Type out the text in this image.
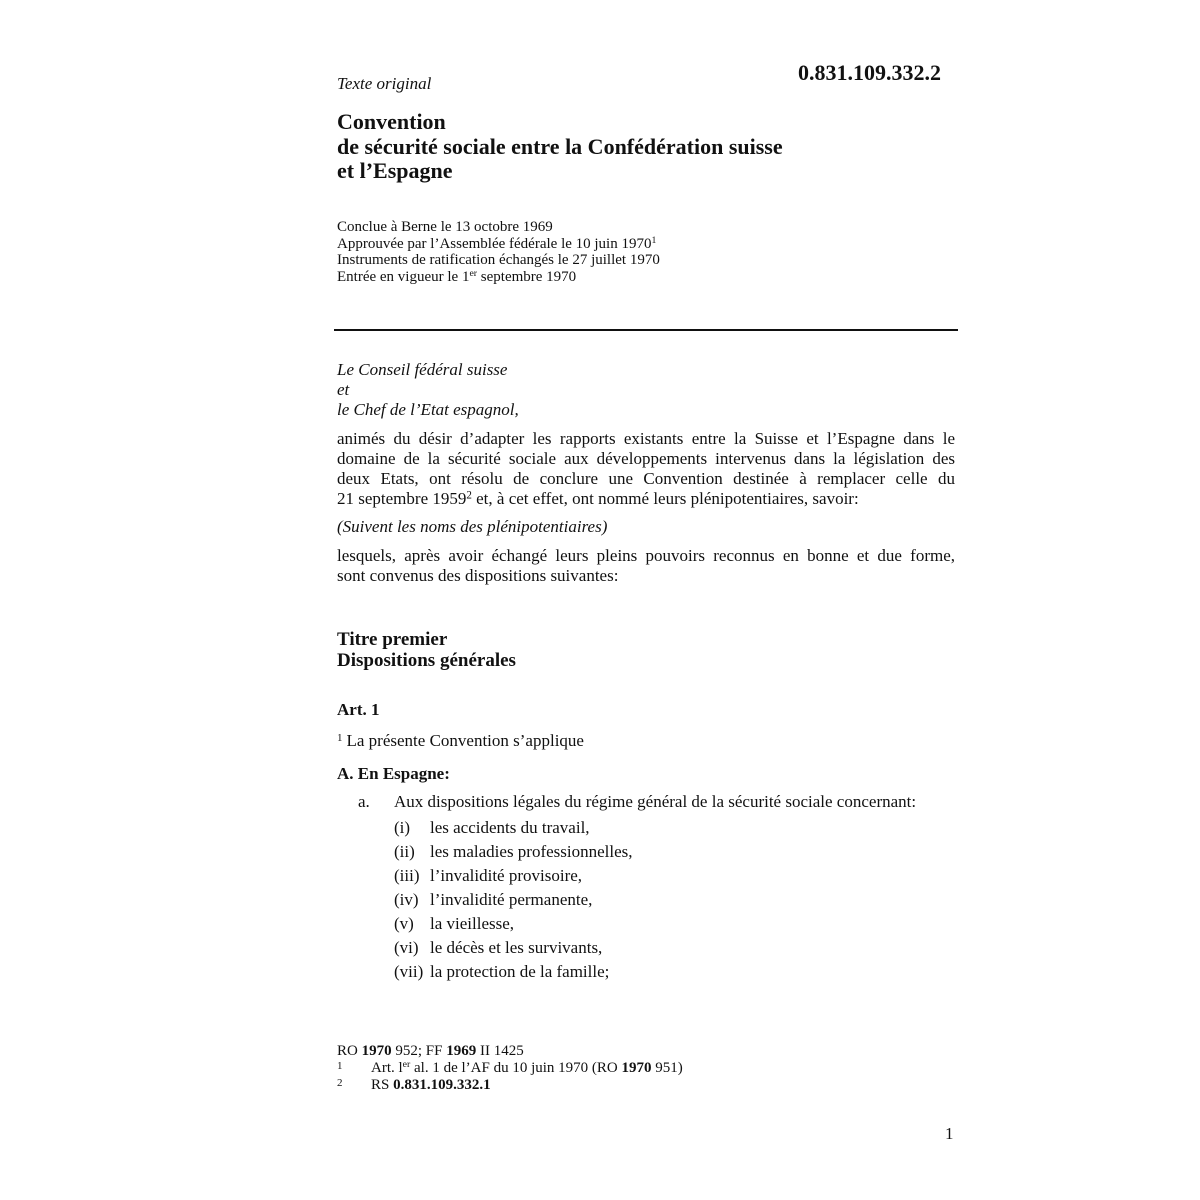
0.831.109.332.2
Texte original
Convention
de sécurité sociale entre la Confédération suisse
et l’Espagne
Conclue à Berne le 13 octobre 1969
Approuvée par l’Assemblée fédérale le 10 juin 1970$^1$
Instruments de ratification échangés le 27 juillet 1970
Entrée en vigueur le 1er septembre 1970
Le Conseil fédéral suisse
et
le Chef de l’Etat espagnol,
animés du désir d’adapter les rapports existants entre la Suisse et l’Espagne dans le
domaine de la sécurité sociale aux développements intervenus dans la législation des
deux Etats, ont résolu de conclure une Convention destinée à remplacer celle du
21 septembre 1959$^2$ et, à cet effet, ont nommé leurs plénipotentiaires, savoir:
(Suivent les noms des plénipotentiaires)
lesquels, après avoir échangé leurs pleins pouvoirs reconnus en bonne et due forme,
sont convenus des dispositions suivantes:
Titre premier
Dispositions générales
Art. 1
$^1$ La présente Convention s’applique
A. En Espagne:
a. Aux dispositions légales du régime général de la sécurité sociale concernant:
(i) les accidents du travail,
(ii) les maladies professionnelles,
(iii) l’invalidité provisoire,
(iv) l’invalidité permanente,
(v) la vieillesse,
(vi) le décès et les survivants,
(vii) la protection de la famille;
RO 1970 952; FF 1969 II 1425
1 Art. $l^{er}$ al. 1 de l’AF du 10 juin 1970 (RO 1970 951)
2 RS 0.831.109.332.1
1
